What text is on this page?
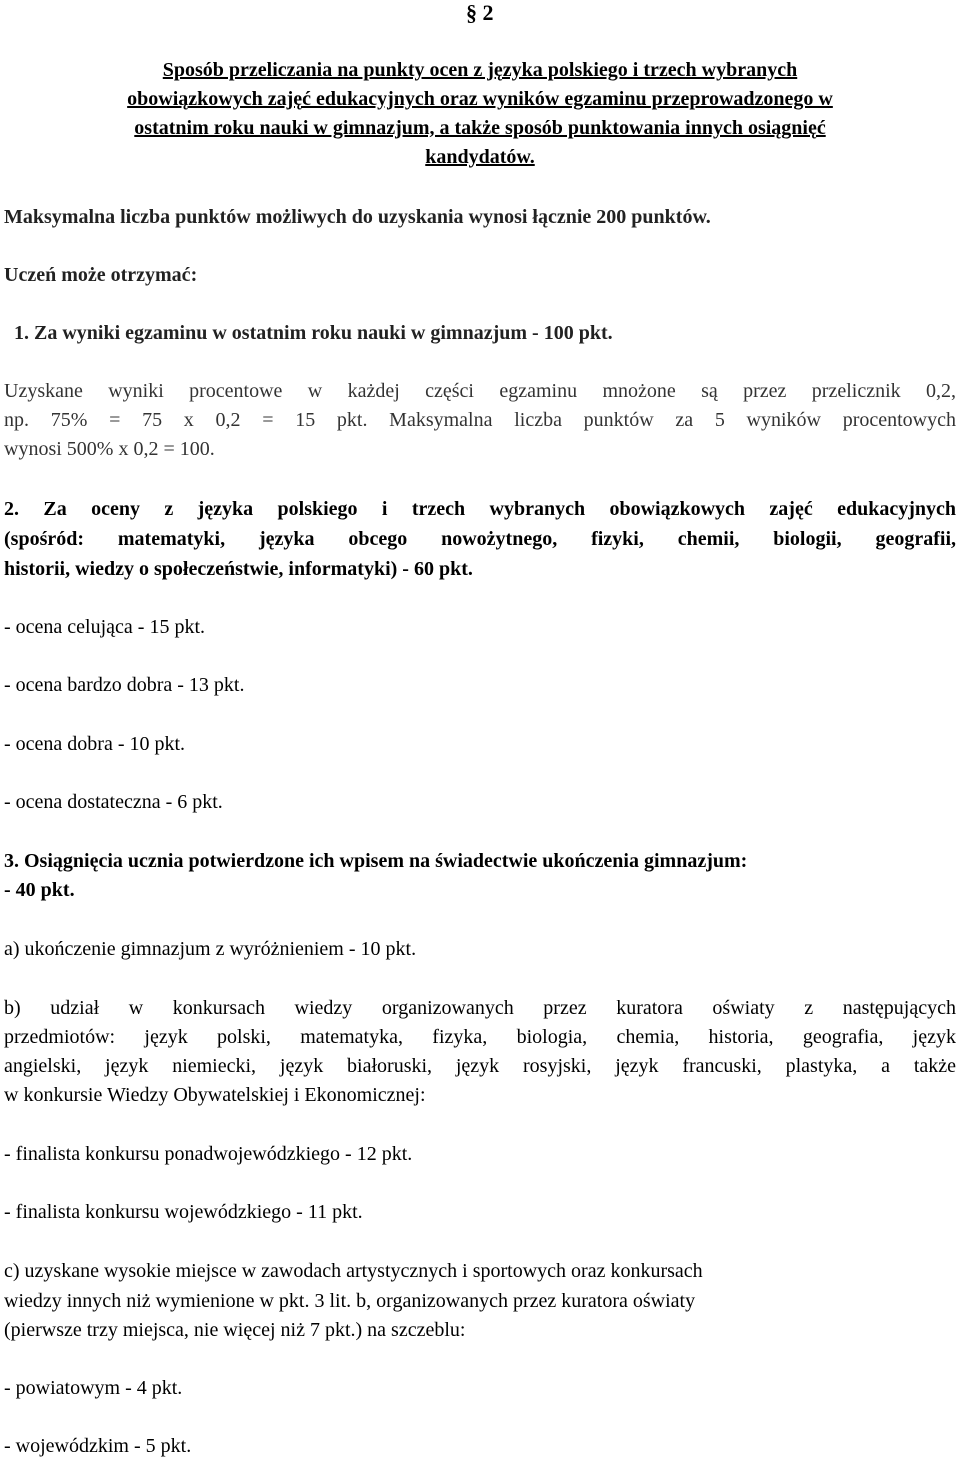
§ 2

Sposób przeliczania na punkty ocen z języka polskiego i trzech wybranych

obowiązkowych zajęć edukacyjnych oraz wyników egzaminu przeprowadzonego w

ostatnim roku nauki w gimnazjum, a także sposób punktowania innych osiągnięć

kandydatów.

Maksymalna liczba punktów możliwych do uzyskania wynosi łącznie 200 punktów.

Uczeń może otrzymać:

1. Za wyniki egzaminu w ostatnim roku nauki w gimnazjum - 100 pkt.

Uzyskane wyniki procentowe w każdej części egzaminu mnożone są przez przelicznik 0,2,

np. 75% = 75 x 0,2 = 15 pkt. Maksymalna liczba punktów za 5 wyników procentowych

wynosi 500% x 0,2 = 100.

2. Za oceny z języka polskiego i trzech wybranych obowiązkowych zajęć edukacyjnych

(spośród: matematyki, języka obcego nowożytnego, fizyki, chemii, biologii, geografii,

historii, wiedzy o społeczeństwie, informatyki) - 60 pkt.

- ocena celująca - 15 pkt.

- ocena bardzo dobra - 13 pkt.

- ocena dobra - 10 pkt.

- ocena dostateczna - 6 pkt.

3. Osiągnięcia ucznia potwierdzone ich wpisem na świadectwie ukończenia gimnazjum:

- 40 pkt.

a) ukończenie gimnazjum z wyróżnieniem - 10 pkt.

b) udział w konkursach wiedzy organizowanych przez kuratora oświaty z następujących

przedmiotów: język polski, matematyka, fizyka, biologia, chemia, historia, geografia, język

angielski, język niemiecki, język białoruski, język rosyjski, język francuski, plastyka, a także

w konkursie Wiedzy Obywatelskiej i Ekonomicznej:

- finalista konkursu ponadwojewódzkiego - 12 pkt.

- finalista konkursu wojewódzkiego - 11 pkt.

c) uzyskane wysokie miejsce w zawodach artystycznych i sportowych oraz konkursach

wiedzy innych niż wymienione w pkt. 3 lit. b, organizowanych przez kuratora oświaty

(pierwsze trzy miejsca, nie więcej niż 7 pkt.) na szczeblu:

- powiatowym - 4 pkt.

- wojewódzkim - 5 pkt.
